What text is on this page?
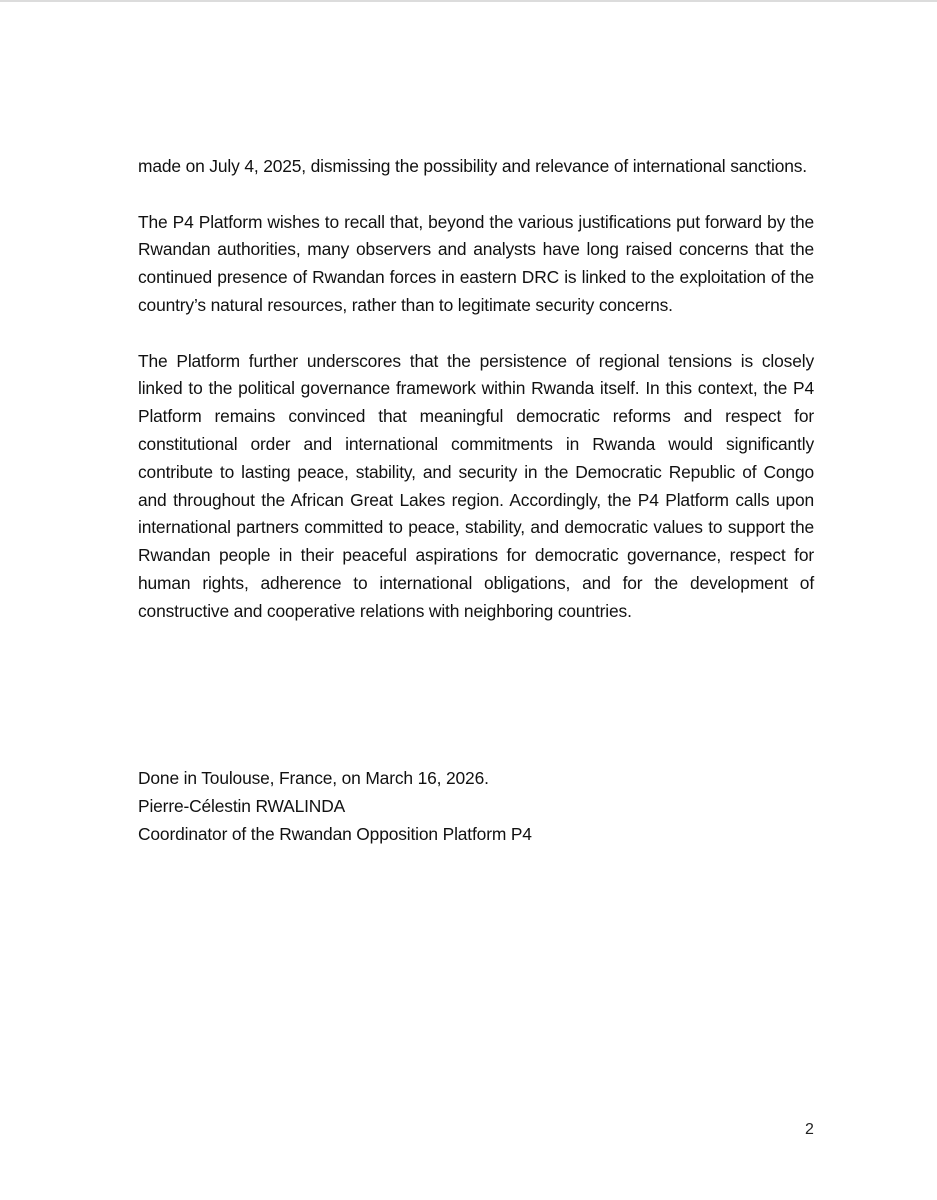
made on July 4, 2025, dismissing the possibility and relevance of international sanctions.

The P4 Platform wishes to recall that, beyond the various justifications put forward by the Rwandan authorities, many observers and analysts have long raised concerns that the continued presence of Rwandan forces in eastern DRC is linked to the exploitation of the country’s natural resources, rather than to legitimate security concerns.

The Platform further underscores that the persistence of regional tensions is closely linked to the political governance framework within Rwanda itself. In this context, the P4 Platform remains convinced that meaningful democratic reforms and respect for constitutional order and international commitments in Rwanda would significantly contribute to lasting peace, stability, and security in the Democratic Republic of Congo and throughout the African Great Lakes region. Accordingly, the P4 Platform calls upon international partners committed to peace, stability, and democratic values to support the Rwandan people in their peaceful aspirations for democratic governance, respect for human rights, adherence to international obligations, and for the development of constructive and cooperative relations with neighboring countries.

Done in Toulouse, France, on March 16, 2026.
Pierre-Célestin RWALINDA
Coordinator of the Rwandan Opposition Platform P4
2
